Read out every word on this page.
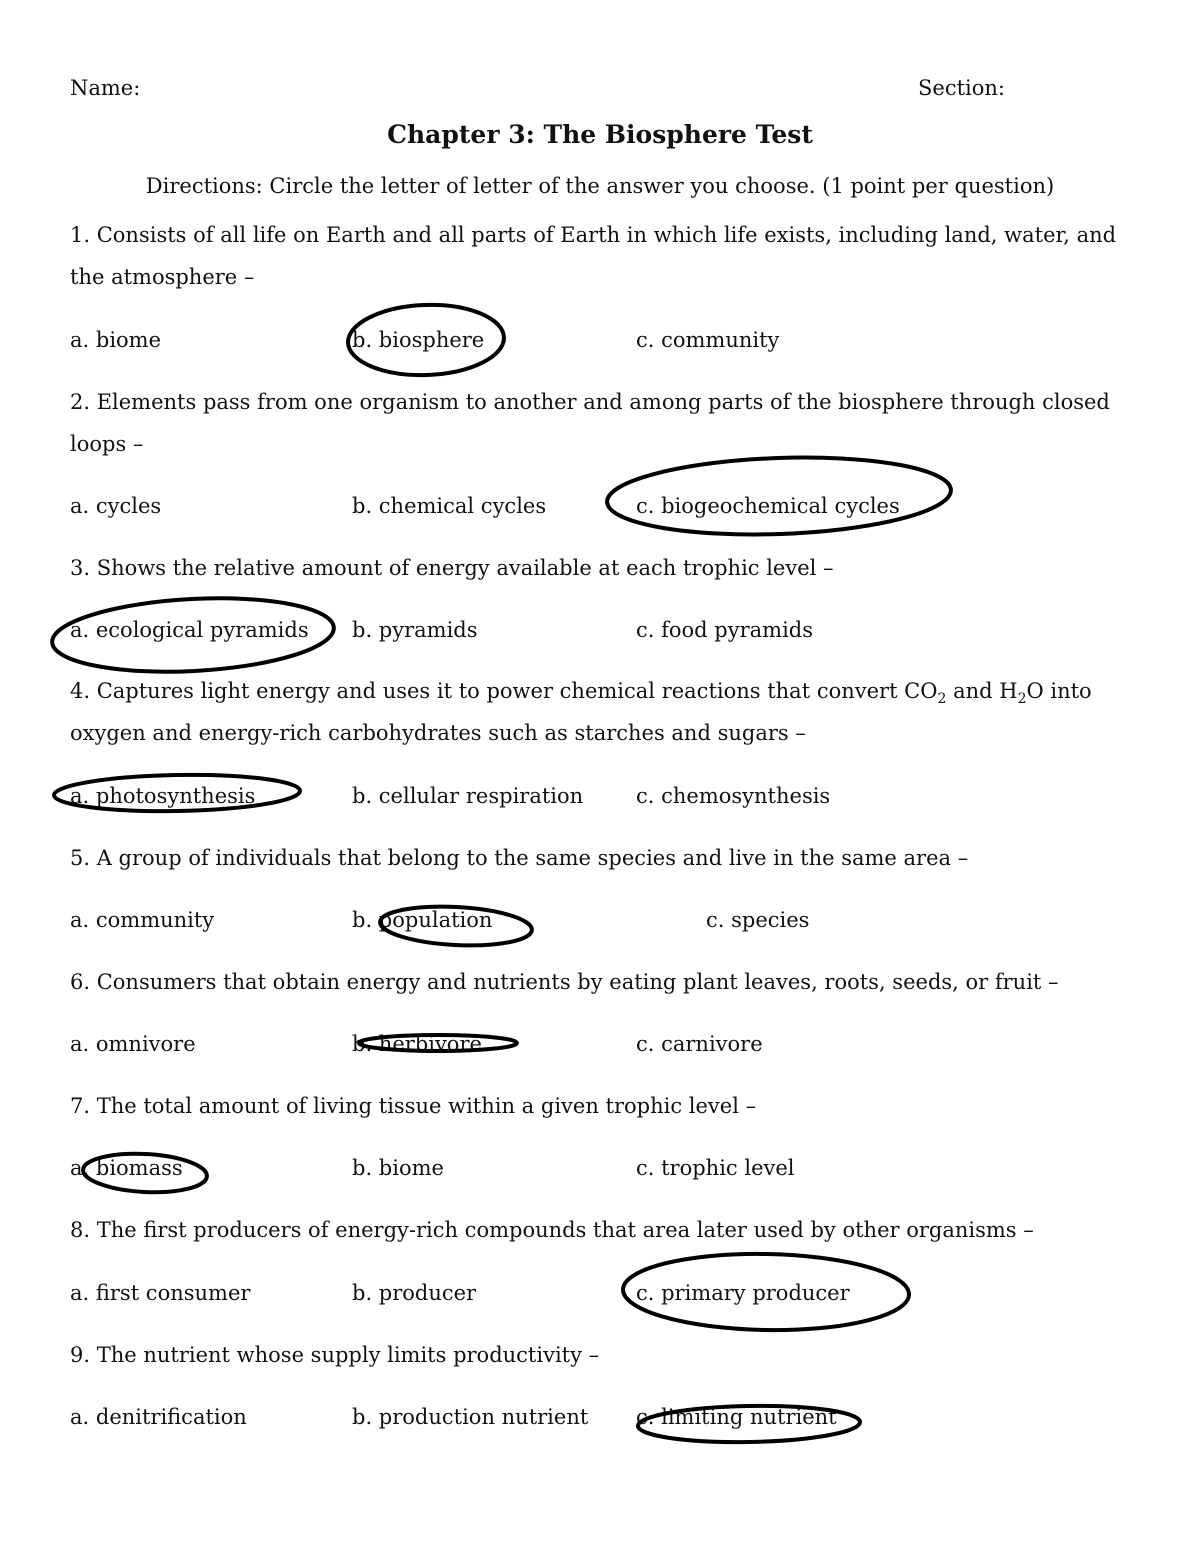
Name:	Section:
Chapter 3: The Biosphere Test
Directions: Circle the letter of letter of the answer you choose. (1 point per question)
1. Consists of all life on Earth and all parts of Earth in which life exists, including land, water, and the atmosphere –
a. biome	b. biosphere	c. community
2. Elements pass from one organism to another and among parts of the biosphere through closed loops –
a. cycles	b. chemical cycles	c. biogeochemical cycles
3. Shows the relative amount of energy available at each trophic level –
a. ecological pyramids b. pyramids	c. food pyramids
4. Captures light energy and uses it to power chemical reactions that convert $CO_2$ and $H_2O$ into oxygen and energy-rich carbohydrates such as starches and sugars –
a. photosynthesis	b. cellular respiration	c. chemosynthesis
5. A group of individuals that belong to the same species and live in the same area –
a. community	b. population	c. species
6. Consumers that obtain energy and nutrients by eating plant leaves, roots, seeds, or fruit –
a. omnivore	b. herbivore	c. carnivore
7. The total amount of living tissue within a given trophic level –
a. biomass	b. biome	c. trophic level
8. The first producers of energy-rich compounds that area later used by other organisms –
a. first consumer	b. producer	c. primary producer
9. The nutrient whose supply limits productivity –
a. denitrification	b. production nutrient c. limiting nutrient
